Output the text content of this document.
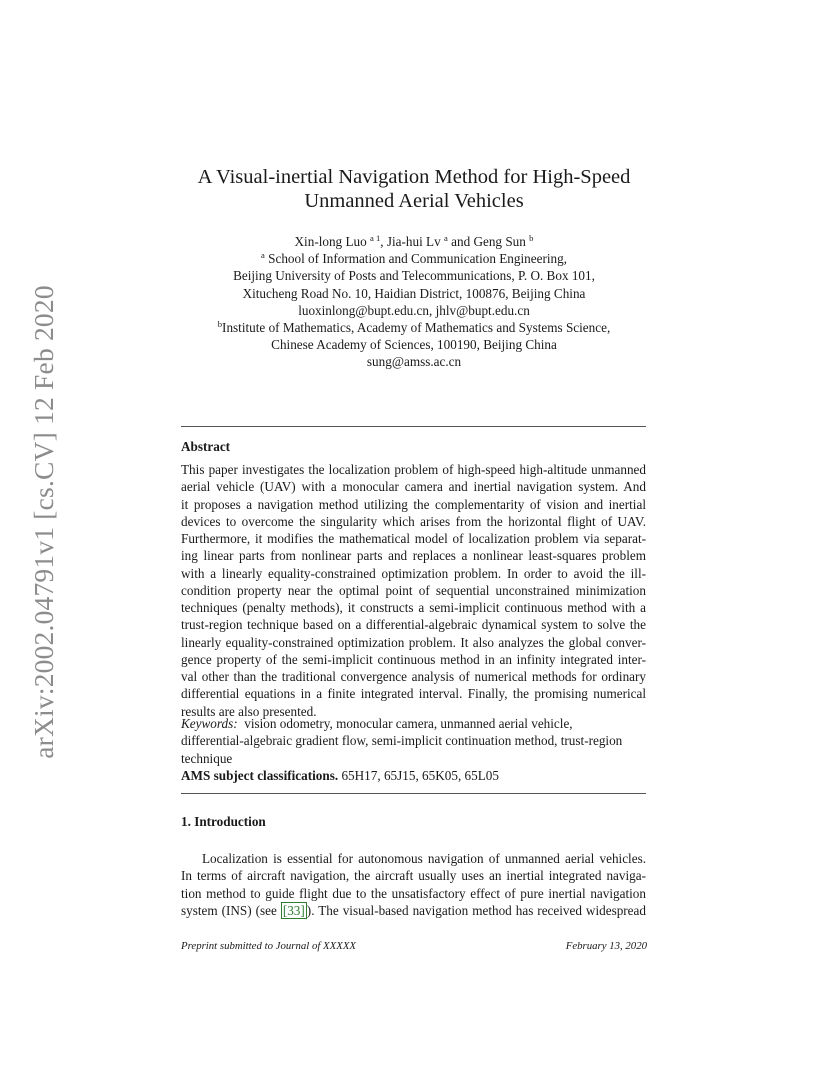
arXiv:2002.04791v1 [cs.CV] 12 Feb 2020
A Visual-inertial Navigation Method for High-Speed
Unmanned Aerial Vehicles
Xin-long Luo $^{a 1}$, Jia-hui Lv $^a$ and Geng Sun $^b$
$^a$ School of Information and Communication Engineering,
Beijing University of Posts and Telecommunications, P. O. Box 101,
Xitucheng Road No. 10, Haidian District, 100876, Beijing China
luoxinlong@bupt.edu.cn, jhlv@bupt.edu.cn
$^b$Institute of Mathematics, Academy of Mathematics and Systems Science,
Chinese Academy of Sciences, 100190, Beijing China
sung@amss.ac.cn
Abstract
This paper investigates the localization problem of high-speed high-altitude unmanned
aerial vehicle (UAV) with a monocular camera and inertial navigation system. And
it proposes a navigation method utilizing the complementarity of vision and inertial
devices to overcome the singularity which arises from the horizontal flight of UAV.
Furthermore, it modifies the mathematical model of localization problem via separat-
ing linear parts from nonlinear parts and replaces a nonlinear least-squares problem
with a linearly equality-constrained optimization problem. In order to avoid the ill-
condition property near the optimal point of sequential unconstrained minimization
techniques (penalty methods), it constructs a semi-implicit continuous method with a
trust-region technique based on a differential-algebraic dynamical system to solve the
linearly equality-constrained optimization problem. It also analyzes the global conver-
gence property of the semi-implicit continuous method in an infinity integrated inter-
val other than the traditional convergence analysis of numerical methods for ordinary
differential equations in a finite integrated interval. Finally, the promising numerical
results are also presented.
Keywords: vision odometry, monocular camera, unmanned aerial vehicle,
differential-algebraic gradient flow, semi-implicit continuation method, trust-region
technique
AMS subject classifications. 65H17, 65J15, 65K05, 65L05
1. Introduction
Localization is essential for autonomous navigation of unmanned aerial vehicles.
In terms of aircraft navigation, the aircraft usually uses an inertial integrated naviga-
tion method to guide flight due to the unsatisfactory effect of pure inertial navigation
system (INS) (see [33] ). The visual-based navigation method has received widespread
Preprint submitted to Journal of XXXXX	February 13, 2020
